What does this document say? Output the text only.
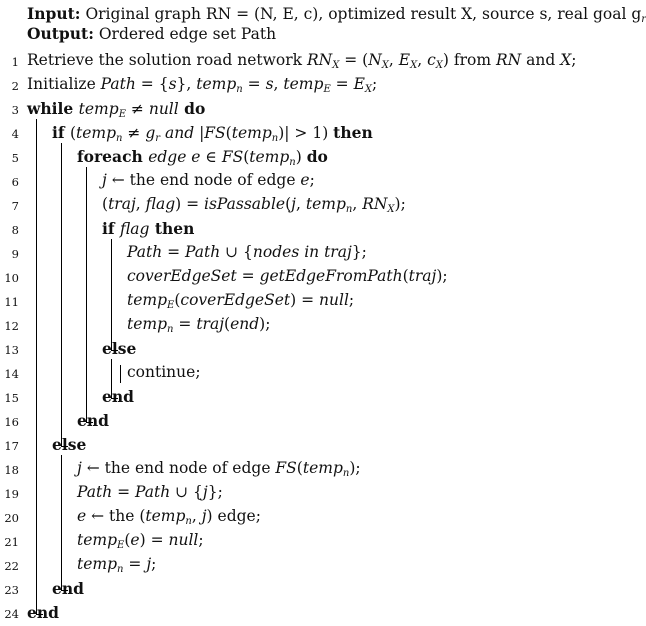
Input: Original graph RN = (N, E, c), optimized result X, source s, real goal $g_r$
Output: Ordered edge set Path
1 Retrieve the solution road network $RN_X = (N_X$, $E_X$, $c_X$) from RN and X;
2 Initialize Path = {s}, temp$_n$ = s, temp$_E$ = $E_X$;
3 while temp$_E$ ≠ null do
4 if (temp$_n$ ≠ $g_r$ and |FS(temp$_n$)| > 1) then
5	foreach edge e ∈ FS(temp$_n$) do
6	j ← the end node of edge e;
7	(traj, flag) = isPassable(j, temp$_n$, $RN_X$);
8	if flag then
9	Path = Path ∪ {nodes in traj};
10	coverEdgeSet = getEdgeFromPath(traj);
11	temp$_E$(coverEdgeSet) = null;
12	temp$_n$ = traj(end);
13	else
14	continue;
15	end
16	end
17 else
18	j ← the end node of edge FS(temp$_n$);
19	Path = Path ∪ {j};
20	e ← the (temp$_n$, j) edge;
21	temp$_E$(e) = null;
22	temp$_n$ = j;
23 end
24 end
